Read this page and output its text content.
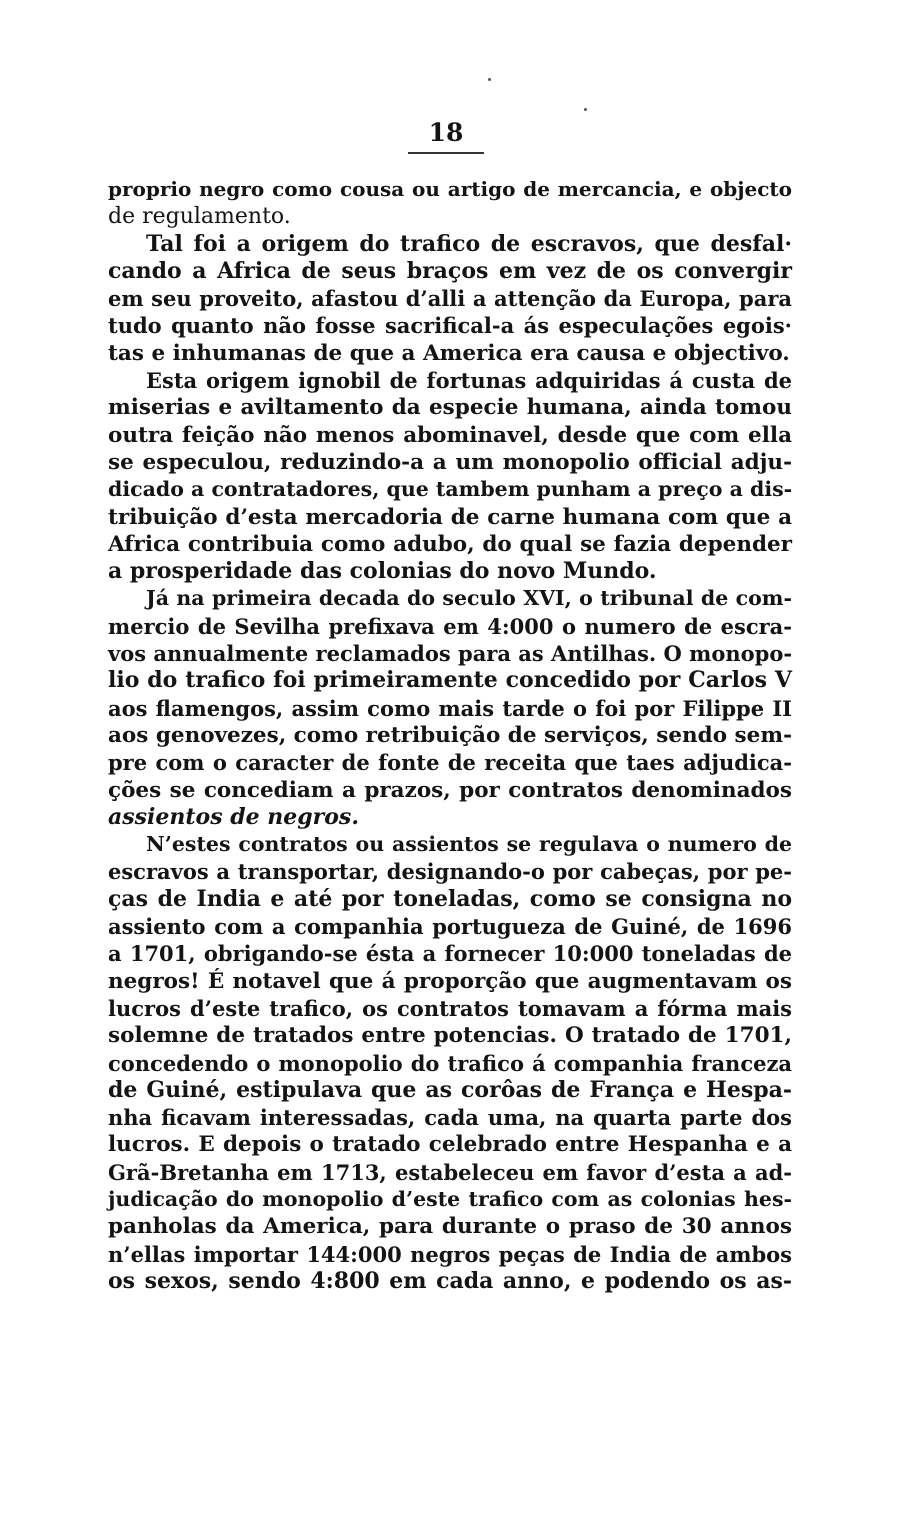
18
proprio negro como cousa ou artigo de mercancia, e objecto
de regulamento.
Tal foi a origem do trafico de escravos, que desfal·
cando a Africa de seus braços em vez de os convergir
em seu proveito, afastou d’alli a attenção da Europa, para
tudo quanto não fosse sacrifical-a ás especulações egois·
tas e inhumanas de que a America era causa e objectivo.
Esta origem ignobil de fortunas adquiridas á custa de
miserias e aviltamento da especie humana, ainda tomou
outra feição não menos abominavel, desde que com ella
se especulou, reduzindo-a a um monopolio official adju-
dicado a contratadores, que tambem punham a preço a dis-
tribuição d’esta mercadoria de carne humana com que a
Africa contribuia como adubo, do qual se fazia depender
a prosperidade das colonias do novo Mundo.
Já na primeira decada do seculo XVI, o tribunal de com-
mercio de Sevilha prefixava em 4:000 o numero de escra-
vos annualmente reclamados para as Antilhas. O monopo-
lio do trafico foi primeiramente concedido por Carlos V
aos flamengos, assim como mais tarde o foi por Filippe II
aos genovezes, como retribuição de serviços, sendo sem-
pre com o caracter de fonte de receita que taes adjudica-
ções se concediam a prazos, por contratos denominados
assientos de negros.
N’estes contratos ou assientos se regulava o numero de
escravos a transportar, designando-o por cabeças, por pe-
ças de India e até por toneladas, como se consigna no
assiento com a companhia portugueza de Guiné, de 1696
a 1701, obrigando-se ésta a fornecer 10:000 toneladas de
negros! É notavel que á proporção que augmentavam os
lucros d’este trafico, os contratos tomavam a fórma mais
solemne de tratados entre potencias. O tratado de 1701,
concedendo o monopolio do trafico á companhia franceza
de Guiné, estipulava que as corôas de França e Hespa-
nha ficavam interessadas, cada uma, na quarta parte dos
lucros. E depois o tratado celebrado entre Hespanha e a
Grã-Bretanha em 1713, estabeleceu em favor d’esta a ad-
judicação do monopolio d’este trafico com as colonias hes-
panholas da America, para durante o praso de 30 annos
n’ellas importar 144:000 negros peças de India de ambos
os sexos, sendo 4:800 em cada anno, e podendo os as-
